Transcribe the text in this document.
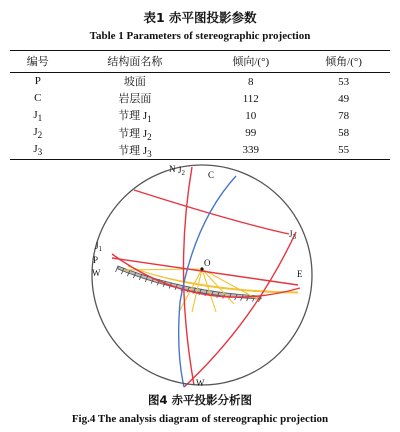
表1 赤平图投影参数
Table 1 Parameters of stereographic projection
编号	结构面名称	倾向/(°)	倾角/(°)
P	坡面	8	53
C	岩层面	112	49
$J_1$	节理 $J_1$	10	78
$J_2$	节理 $J_2$	99	58
$J_3$	节理 $J_3$	339	55
N $J_2$	C
$J_3$
$J_1$
P
W	E
O
W
图4 赤平投影分析图
Fig.4 The analysis diagram of stereographic projection
